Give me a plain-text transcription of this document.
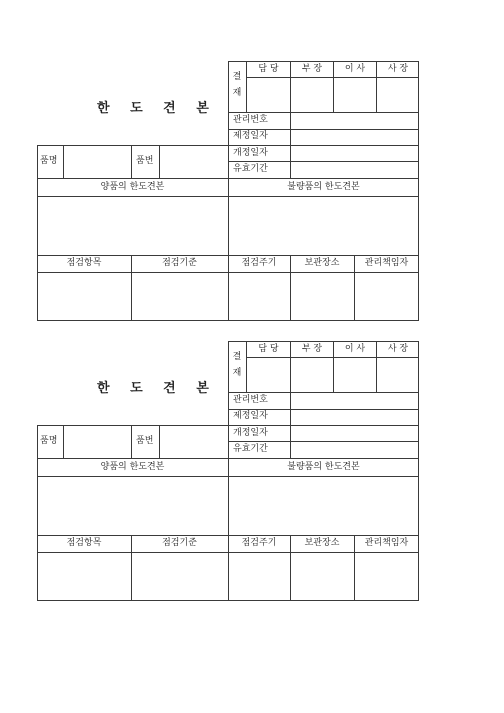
한 도 견 본
결
재
담 당	부 장	이 사	사 장
관리번호
제정일자
개정일자
유효기간
품명	품번
양품의 한도견본	불량품의 한도견본
점검항목	점검기준	점검주기	보관장소	관리책임자
한 도 견 본
결
재
담 당	부 장	이 사	사 장
관리번호
제정일자
개정일자
유효기간
품명	품번
양품의 한도견본	불량품의 한도견본
점검항목	점검기준	점검주기	보관장소	관리책임자
